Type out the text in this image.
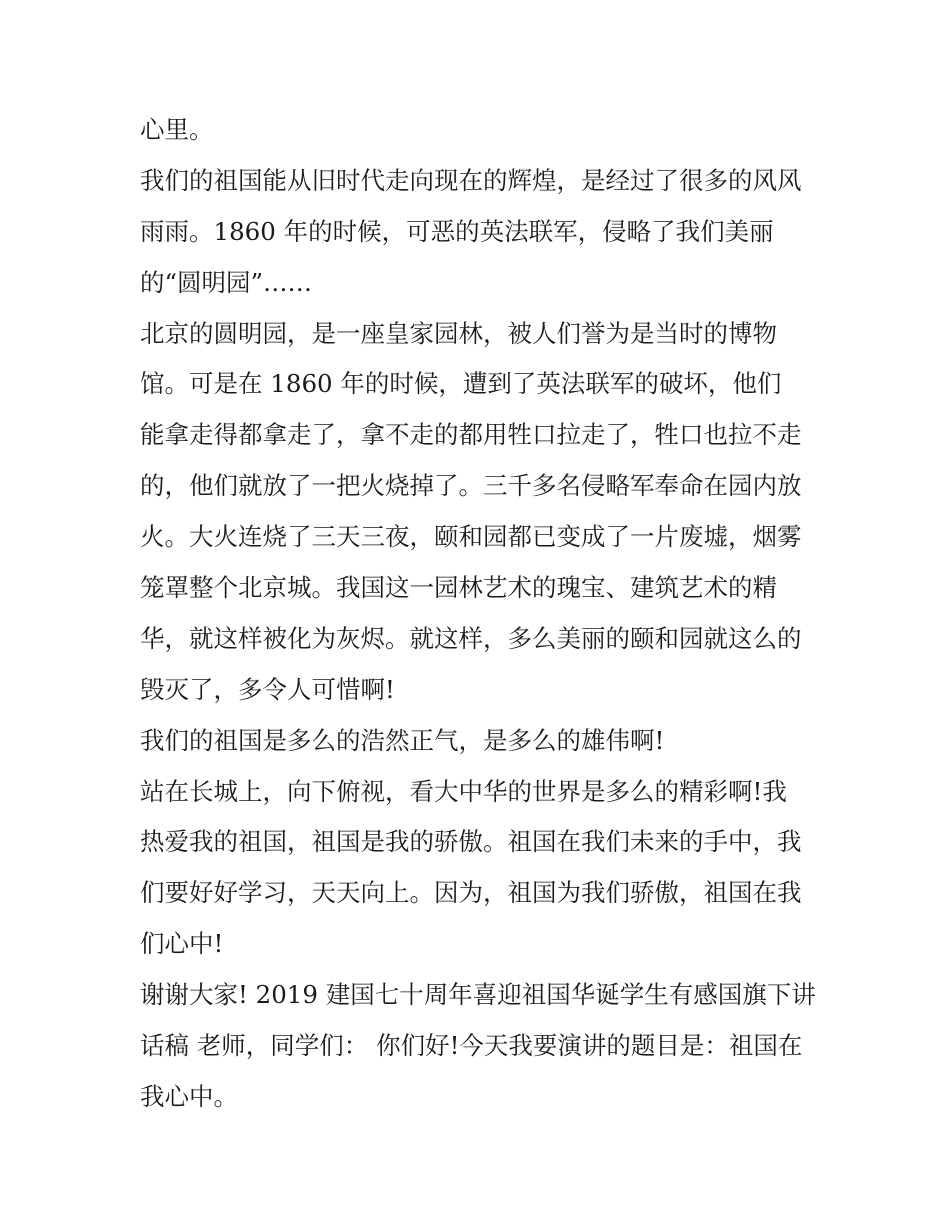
心里。
我们的祖国能从旧时代走向现在的辉煌，是经过了很多的风风
雨雨。1860 年的时候，可恶的英法联军，侵略了我们美丽
的“圆明园”……
北京的圆明园，是一座皇家园林，被人们誉为是当时的博物
馆。可是在 1860 年的时候，遭到了英法联军的破坏，他们
能拿走得都拿走了，拿不走的都用牲口拉走了，牲口也拉不走
的，他们就放了一把火烧掉了。三千多名侵略军奉命在园内放
火。大火连烧了三天三夜，颐和园都已变成了一片废墟，烟雾
笼罩整个北京城。我国这一园林艺术的瑰宝、建筑艺术的精
华，就这样被化为灰烬。就这样，多么美丽的颐和园就这么的
毁灭了，多令人可惜啊!
我们的祖国是多么的浩然正气，是多么的雄伟啊!
站在长城上，向下俯视，看大中华的世界是多么的精彩啊!我
热爱我的祖国，祖国是我的骄傲。祖国在我们未来的手中，我
们要好好学习，天天向上。因为，祖国为我们骄傲，祖国在我
们心中!
谢谢大家! 2019 建国七十周年喜迎祖国华诞学生有感国旗下讲
话稿 老师，同学们： 你们好!今天我要演讲的题目是：祖国在
我心中。
